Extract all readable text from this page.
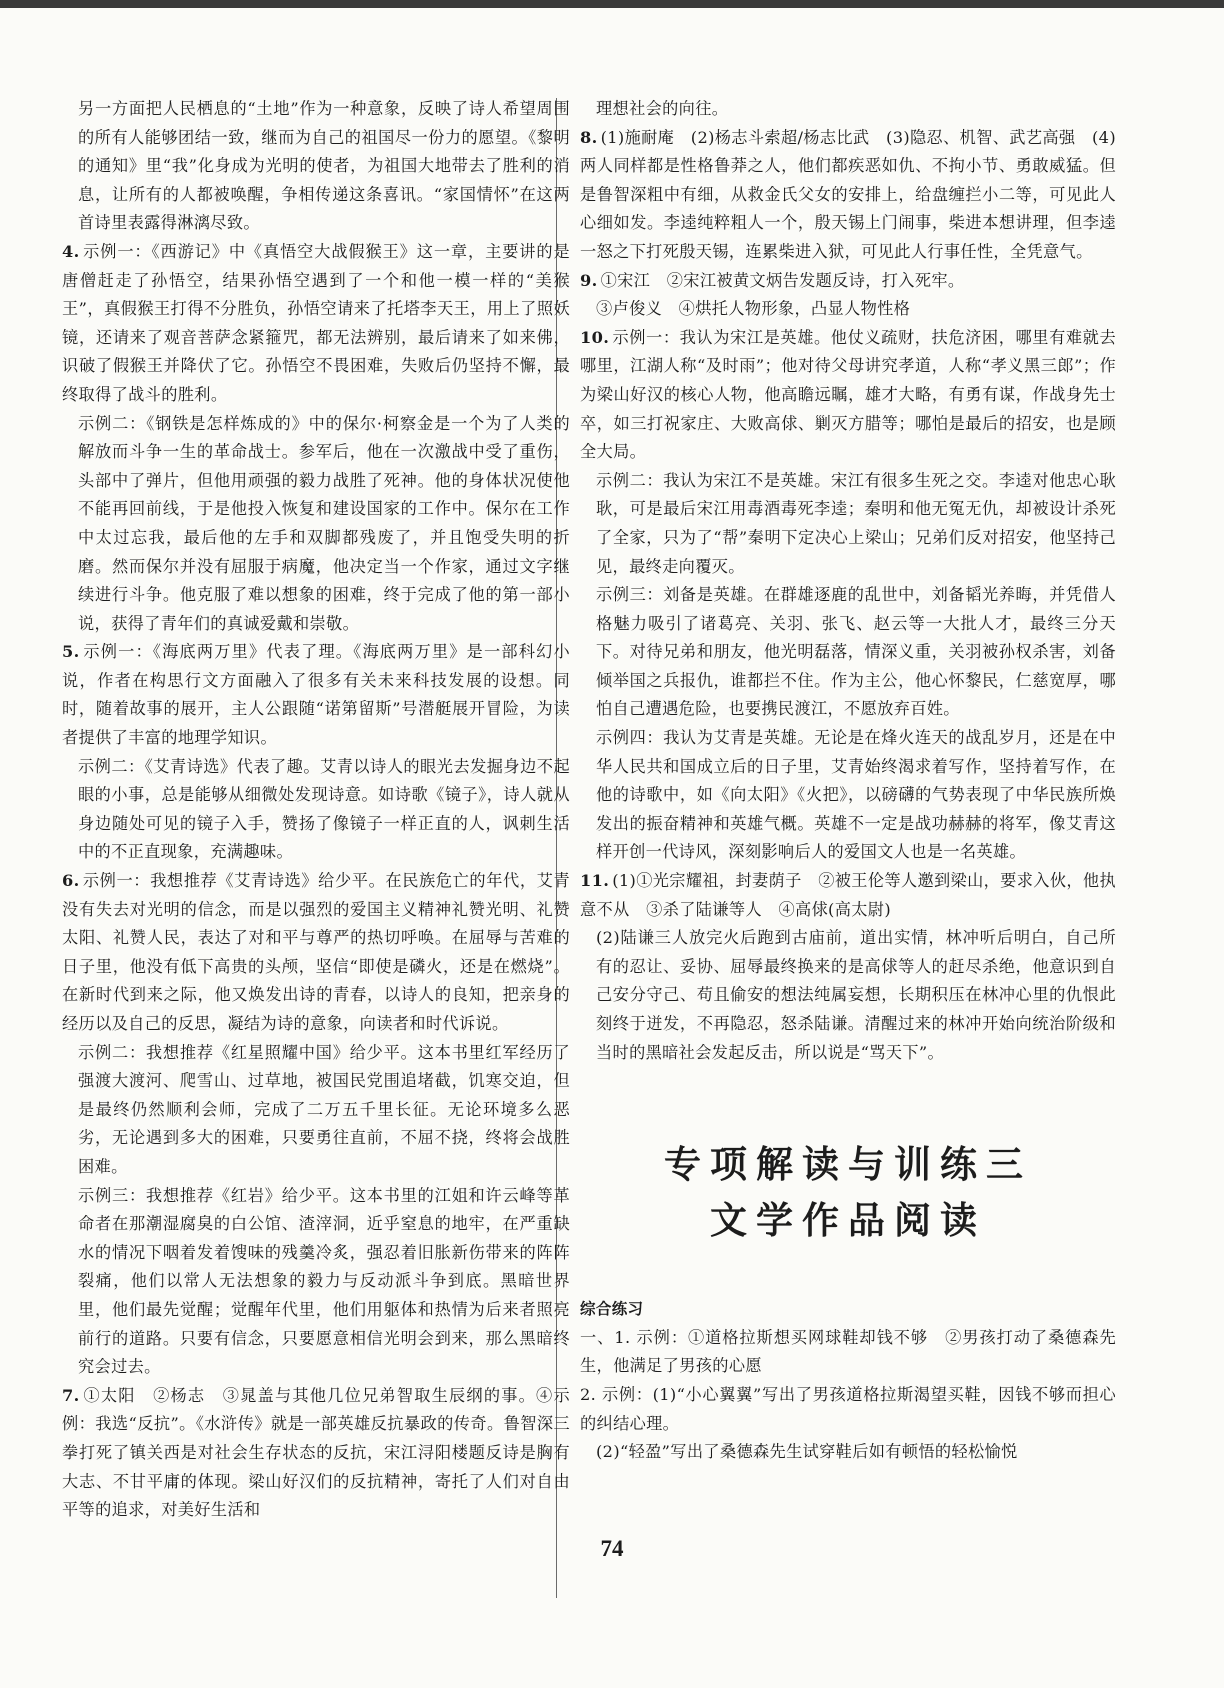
另一方面把人民栖息的“土地”作为一种意象，反映了诗人希望周围的所有人能够团结一致，继而为自己的祖国尽一份力的愿望。《黎明的通知》里“我”化身成为光明的使者，为祖国大地带去了胜利的消息，让所有的人都被唤醒，争相传递这条喜讯。“家国情怀”在这两首诗里表露得淋漓尽致。

4. 示例一：《西游记》中《真悟空大战假猴王》这一章，主要讲的是唐僧赶走了孙悟空，结果孙悟空遇到了一个和他一模一样的“美猴王”，真假猴王打得不分胜负，孙悟空请来了托塔李天王，用上了照妖镜，还请来了观音菩萨念紧箍咒，都无法辨别，最后请来了如来佛，识破了假猴王并降伏了它。孙悟空不畏困难，失败后仍坚持不懈，最终取得了战斗的胜利。

示例二：《钢铁是怎样炼成的》中的保尔·柯察金是一个为了人类的解放而斗争一生的革命战士。参军后，他在一次激战中受了重伤，头部中了弹片，但他用顽强的毅力战胜了死神。他的身体状况使他不能再回前线，于是他投入恢复和建设国家的工作中。保尔在工作中太过忘我，最后他的左手和双脚都残废了，并且饱受失明的折磨。然而保尔并没有屈服于病魔，他决定当一个作家，通过文字继续进行斗争。他克服了难以想象的困难，终于完成了他的第一部小说，获得了青年们的真诚爱戴和崇敬。

5. 示例一：《海底两万里》代表了理。《海底两万里》是一部科幻小说，作者在构思行文方面融入了很多有关未来科技发展的设想。同时，随着故事的展开，主人公跟随“诺第留斯”号潜艇展开冒险，为读者提供了丰富的地理学知识。

示例二：《艾青诗选》代表了趣。艾青以诗人的眼光去发掘身边不起眼的小事，总是能够从细微处发现诗意。如诗歌《镜子》，诗人就从身边随处可见的镜子入手，赞扬了像镜子一样正直的人，讽刺生活中的不正直现象，充满趣味。

6. 示例一：我想推荐《艾青诗选》给少平。在民族危亡的年代，艾青没有失去对光明的信念，而是以强烈的爱国主义精神礼赞光明、礼赞太阳、礼赞人民，表达了对和平与尊严的热切呼唤。在屈辱与苦难的日子里，他没有低下高贵的头颅，坚信“即使是磷火，还是在燃烧”。在新时代到来之际，他又焕发出诗的青春，以诗人的良知，把亲身的经历以及自己的反思，凝结为诗的意象，向读者和时代诉说。

示例二：我想推荐《红星照耀中国》给少平。这本书里红军经历了强渡大渡河、爬雪山、过草地，被国民党围追堵截，饥寒交迫，但是最终仍然顺利会师，完成了二万五千里长征。无论环境多么恶劣，无论遇到多大的困难，只要勇往直前，不屈不挠，终将会战胜困难。

示例三：我想推荐《红岩》给少平。这本书里的江姐和许云峰等革命者在那潮湿腐臭的白公馆、渣滓洞，近乎窒息的地牢，在严重缺水的情况下咽着发着馊味的残羹冷炙，强忍着旧胀新伤带来的阵阵裂痛，他们以常人无法想象的毅力与反动派斗争到底。黑暗世界里，他们最先觉醒；觉醒年代里，他们用躯体和热情为后来者照亮前行的道路。只要有信念，只要愿意相信光明会到来，那么黑暗终究会过去。

7. ①太阳　②杨志　③晁盖与其他几位兄弟智取生辰纲的事。④示例：我选“反抗”。《水浒传》就是一部英雄反抗暴政的传奇。鲁智深三拳打死了镇关西是对社会生存状态的反抗，宋江浔阳楼题反诗是胸有大志、不甘平庸的体现。梁山好汉们的反抗精神，寄托了人们对自由平等的追求，对美好生活和

理想社会的向往。

8. (1)施耐庵　(2)杨志斗索超/杨志比武　(3)隐忍、机智、武艺高强　(4)两人同样都是性格鲁莽之人，他们都疾恶如仇、不拘小节、勇敢威猛。但是鲁智深粗中有细，从救金氏父女的安排上，给盘缠拦小二等，可见此人心细如发。李逵纯粹粗人一个，殷天锡上门闹事，柴进本想讲理，但李逵一怒之下打死殷天锡，连累柴进入狱，可见此人行事任性，全凭意气。
9. ①宋江　②宋江被黄文炳告发题反诗，打入死牢。

③卢俊义　④烘托人物形象，凸显人物性格

10. 示例一：我认为宋江是英雄。他仗义疏财，扶危济困，哪里有难就去哪里，江湖人称“及时雨”；他对待父母讲究孝道，人称“孝义黑三郎”；作为梁山好汉的核心人物，他高瞻远瞩，雄才大略，有勇有谋，作战身先士卒，如三打祝家庄、大败高俅、剿灭方腊等；哪怕是最后的招安，也是顾全大局。

示例二：我认为宋江不是英雄。宋江有很多生死之交。李逵对他忠心耿耿，可是最后宋江用毒酒毒死李逵；秦明和他无冤无仇，却被设计杀死了全家，只为了“帮”秦明下定决心上梁山；兄弟们反对招安，他坚持己见，最终走向覆灭。

示例三：刘备是英雄。在群雄逐鹿的乱世中，刘备韬光养晦，并凭借人格魅力吸引了诸葛亮、关羽、张飞、赵云等一大批人才，最终三分天下。对待兄弟和朋友，他光明磊落，情深义重，关羽被孙权杀害，刘备倾举国之兵报仇，谁都拦不住。作为主公，他心怀黎民，仁慈宽厚，哪怕自己遭遇危险，也要携民渡江，不愿放弃百姓。

示例四：我认为艾青是英雄。无论是在烽火连天的战乱岁月，还是在中华人民共和国成立后的日子里，艾青始终渴求着写作，坚持着写作，在他的诗歌中，如《向太阳》《火把》，以磅礴的气势表现了中华民族所焕发出的振奋精神和英雄气概。英雄不一定是战功赫赫的将军，像艾青这样开创一代诗风，深刻影响后人的爱国文人也是一名英雄。

11. (1)①光宗耀祖，封妻荫子　②被王伦等人邀到梁山，要求入伙，他执意不从　③杀了陆谦等人　④高俅(高太尉)

(2)陆谦三人放完火后跑到古庙前，道出实情，林冲听后明白，自己所有的忍让、妥协、屈辱最终换来的是高俅等人的赶尽杀绝，他意识到自己安分守己、苟且偷安的想法纯属妄想，长期积压在林冲心里的仇恨此刻终于迸发，不再隐忍，怒杀陆谦。清醒过来的林冲开始向统治阶级和当时的黑暗社会发起反击，所以说是“骂天下”。

专项解读与训练三
文学作品阅读
综合练习

一、1. 示例：①道格拉斯想买网球鞋却钱不够　②男孩打动了桑德森先生，他满足了男孩的心愿

2. 示例：(1)“小心翼翼”写出了男孩道格拉斯渴望买鞋，因钱不够而担心的纠结心理。

(2)“轻盈”写出了桑德森先生试穿鞋后如有顿悟的轻松愉悦

74
